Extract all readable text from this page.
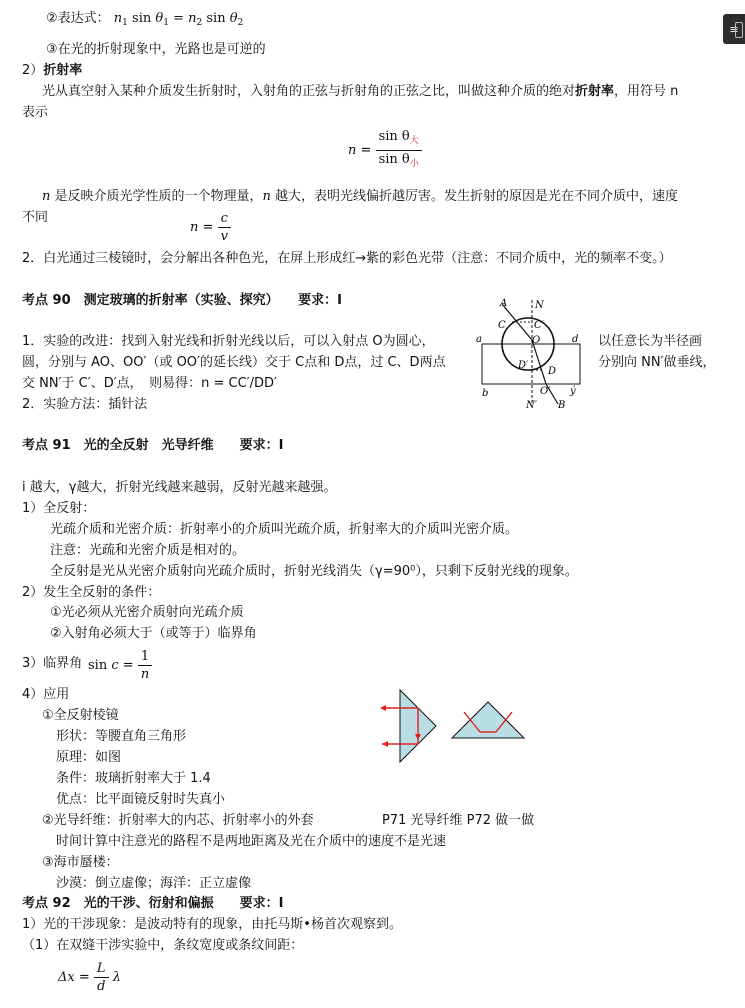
≡
②表达式： $n_1$ $\sin \theta_1 = n_2$ $\sin \theta_2$
③在光的折射现象中，光路也是可逆的
2）折射率
光从真空射入某种介质发生折射时，入射角的正弦与折射角的正弦之比，叫做这种介质的绝对折射率，用符号 n
表示
$n = \frac{\sin \theta_大}{\sin \theta_小}$
n 是反映介质光学性质的一个物理量，n 越大，表明光线偏折越厉害。发生折射的原因是光在不同介质中，速度
不同
$n = \frac{c}{v}$
2．白光通过三棱镜时，会分解出各种色光，在屏上形成红→紫的彩色光带（注意：不同介质中，光的频率不变。）
考点 90　测定玻璃的折射率（实验、探究）　　要求：Ⅰ
1．实验的改进：找到入射光线和折射光线以后，可以入射点 O为圆心，	以任意长为半径画
圆，分别与 AO、OO′（或 OO′的延长线）交于 C点和 D点，过 C、D两点	分别向 NN′做垂线，
交 NN′于 C′、D′点，　则易得：n = CC′/DD′
2．实验方法：插针法
A	N
C	C′
O
a	d
D′
D
O′
b
N′ B
ý
考点 91　光的全反射　光导纤维　　要求：Ⅰ
i 越大，γ越大，折射光线越来越弱，反射光越来越强。
1）全反射：
光疏介质和光密介质：折射率小的介质叫光疏介质，折射率大的介质叫光密介质。
注意：光疏和光密介质是相对的。
全反射是光从光密介质射向光疏介质时，折射光线消失（γ=90⁰），只剩下反射光线的现象。
2）发生全反射的条件：
①光必须从光密介质射向光疏介质
②入射角必须大于（或等于）临界角
3）临界角 $\sin c = \frac{1}{n}$
4）应用
①全反射棱镜
形状：等腰直角三角形
原理：如图
条件：玻璃折射率大于 1.4
优点：比平面镜反射时失真小
②光导纤维：折射率大的内芯、折射率小的外套	P71 光导纤维 P72 做一做
时间计算中注意光的路程不是两地距离及光在介质中的速度不是光速
③海市蜃楼：
沙漠：倒立虚像；海洋：正立虚像
考点 92　光的干涉、衍射和偏振　　要求：Ⅰ
1）光的干涉现象：是波动特有的现象，由托马斯•杨首次观察到。
（1）在双缝干涉实验中，条纹宽度或条纹间距：
$\Delta x = \frac{L}{d}$ λ
